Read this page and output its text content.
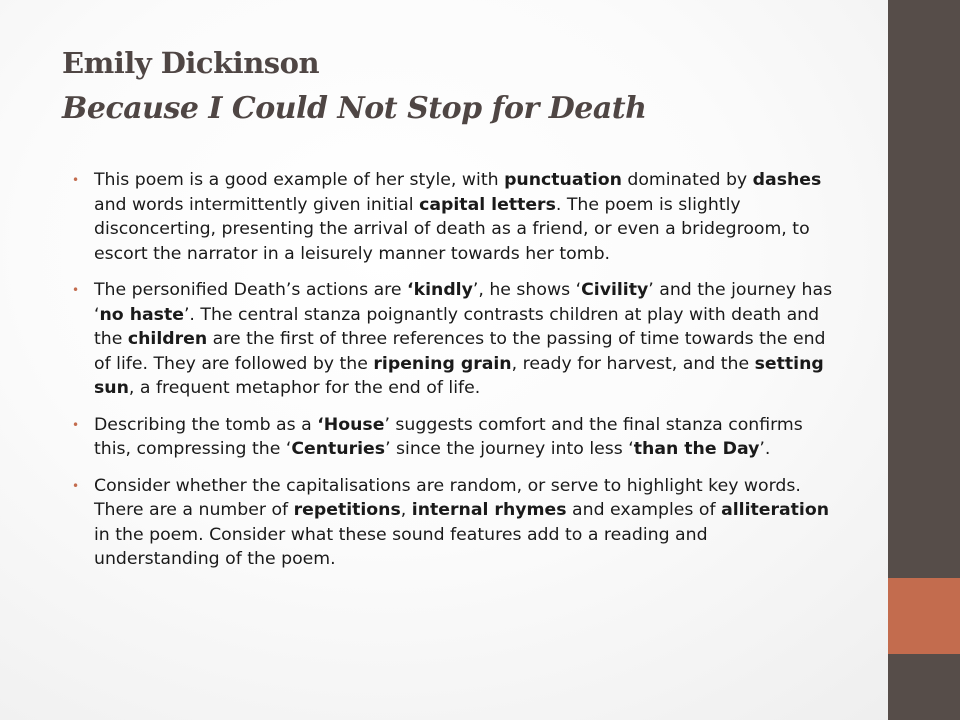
Emily Dickinson
Because I Could Not Stop for Death
• This poem is a good example of her style, with punctuation dominated by dashes and words intermittently given initial capital letters. The poem is slightly disconcerting, presenting the arrival of death as a friend, or even a bridegroom, to escort the narrator in a leisurely manner towards her tomb.
• The personified Death’s actions are ‘kindly’, he shows ‘Civility’ and the journey has ‘no haste’. The central stanza poignantly contrasts children at play with death and the children are the first of three references to the passing of time towards the end of life. They are followed by the ripening grain, ready for harvest, and the setting sun, a frequent metaphor for the end of life.
• Describing the tomb as a ‘House’ suggests comfort and the final stanza confirms this, compressing the ‘Centuries’ since the journey into less ‘than the Day’.
• Consider whether the capitalisations are random, or serve to highlight key words. There are a number of repetitions, internal rhymes and examples of alliteration in the poem. Consider what these sound features add to a reading and understanding of the poem.
